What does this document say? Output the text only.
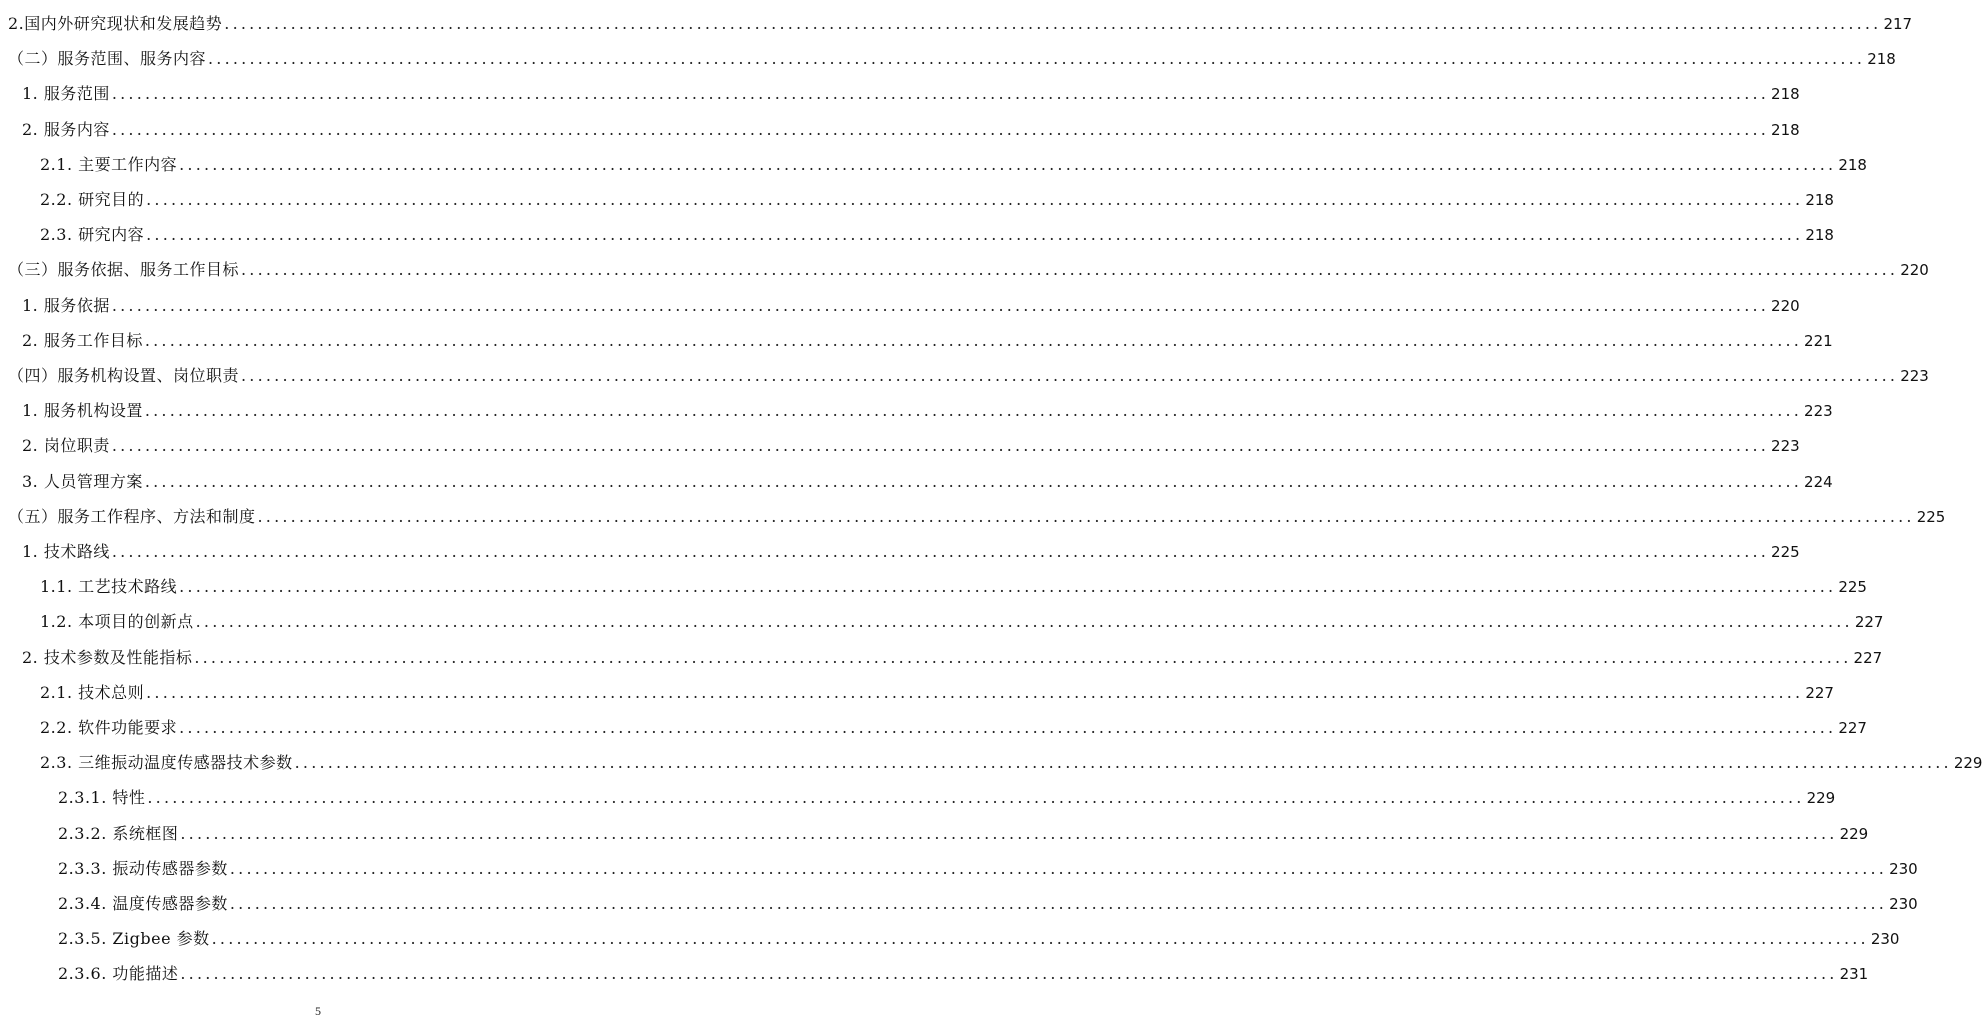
2.国内外研究现状和发展趋势 ........................................................................................................................................................................................................ 217
（二）服务范围、服务内容 ........................................................................................................................................................................................................ 218
1. 服务范围 ........................................................................................................................................................................................................ 218
2. 服务内容 ........................................................................................................................................................................................................ 218
2.1. 主要工作内容 ........................................................................................................................................................................................................ 218
2.2. 研究目的 ........................................................................................................................................................................................................ 218
2.3. 研究内容 ........................................................................................................................................................................................................ 218
（三）服务依据、服务工作目标 ........................................................................................................................................................................................................ 220
1. 服务依据 ........................................................................................................................................................................................................ 220
2. 服务工作目标 ........................................................................................................................................................................................................ 221
（四）服务机构设置、岗位职责 ........................................................................................................................................................................................................ 223
1. 服务机构设置 ........................................................................................................................................................................................................ 223
2. 岗位职责 ........................................................................................................................................................................................................ 223
3. 人员管理方案 ........................................................................................................................................................................................................ 224
（五）服务工作程序、方法和制度 ........................................................................................................................................................................................................ 225
1. 技术路线 ........................................................................................................................................................................................................ 225
1.1. 工艺技术路线 ........................................................................................................................................................................................................ 225
1.2. 本项目的创新点 ........................................................................................................................................................................................................ 227
2. 技术参数及性能指标 ........................................................................................................................................................................................................ 227
2.1. 技术总则 ........................................................................................................................................................................................................ 227
2.2. 软件功能要求 ........................................................................................................................................................................................................ 227
2.3. 三维振动温度传感器技术参数 ........................................................................................................................................................................................................ 229
2.3.1. 特性 ........................................................................................................................................................................................................ 229
2.3.2. 系统框图 ........................................................................................................................................................................................................ 229
2.3.3. 振动传感器参数 ........................................................................................................................................................................................................ 230
2.3.4. 温度传感器参数 ........................................................................................................................................................................................................ 230
2.3.5. Zigbee 参数 ........................................................................................................................................................................................................ 230
2.3.6. 功能描述 ........................................................................................................................................................................................................ 231
5
